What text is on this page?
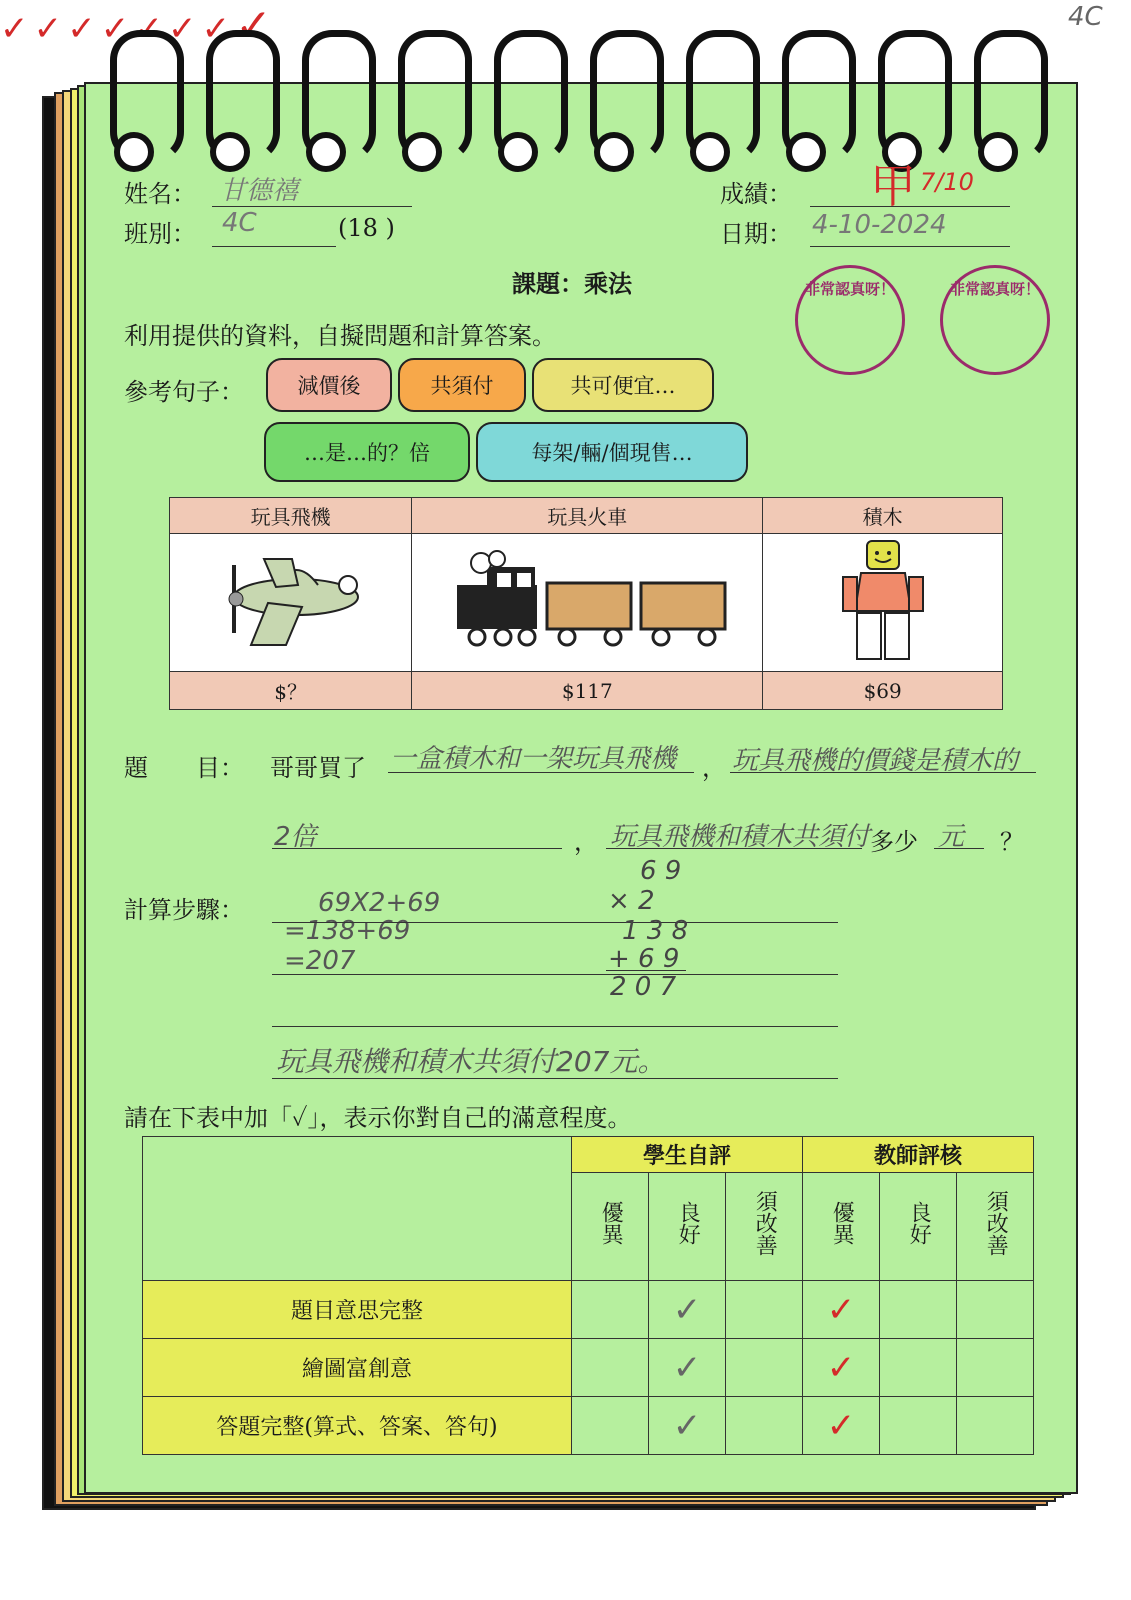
4C
姓名： 甘德禧
班別： 4C	(18 )
成績： 甲 7/10
日期： 4-10-2024
非常認真呀！	非常認真呀！
課題：乘法
利用提供的資料，自擬問題和計算答案。
參考句子：	減價後	共須付	共可便宜…
…是…的？倍	每架/輛/個現售…
玩具飛機	玩具火車	積木

$？	$117	$69
題　　目： 哥哥買了 一盒積木和一架玩具飛機 ， 玩具飛機的價錢是積木的
✓
2倍
✓
， 玩具飛機和積木共須付 多少 元
✓
？
計算步驟：	69X2+69
=138+69
=207
✓ ✓ ✓
6 9
× 2
1 3 8
+ 6 9
2 0 7
玩具飛機和積木共須付207元。
✓
請在下表中加「✓」，表示你對自己的滿意程度。
	學生自評			教師評核		
	優異	良好	須改善	優異	良好	須改善
題目意思完整		✓		✓		
繪圖富創意		✓		✓		
答題完整(算式、答案、答句)		✓		✓		
✓
